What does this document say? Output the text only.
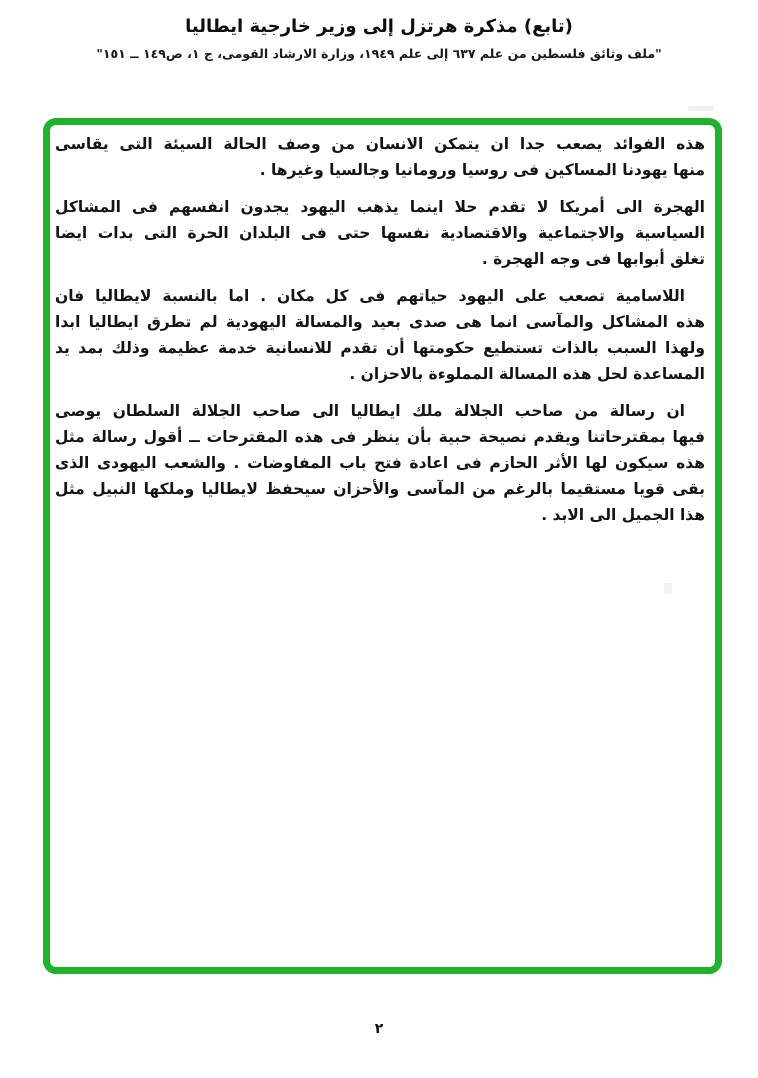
(تابع) مذكرة هرتزل إلى وزير خارجية ايطاليا
"ملف وثائق فلسطين من علم ٦٣٧ إلى علم ١٩٤٩، وزارة الارشاد القومى، ج ١، ص١٤٩ ــ ١٥١"
هذه الفوائد يصعب جدا ان يتمكن الانسان من وصف الحالة السيئة التى يقاسى
منها يهودنا المساكين فى روسيا ورومانيا وجالسيا وغيرها .
الهجرة الى أمريكا لا تقدم حلا اينما يذهب اليهود يجدون انفسهم فى المشاكل
السياسية والاجتماعية والاقتصادية نفسها حتى فى البلدان الحرة التى بدات ايضا
تغلق أبوابها فى وجه الهجرة .
اللاسامية تصعب على اليهود حياتهم فى كل مكان . اما بالنسبة لايطاليا فان
هذه المشاكل والمآسى انما هى صدى بعيد والمسالة اليهودية لم تطرق ايطاليا ابدا
ولهذا السبب بالذات تستطيع حكومتها أن تقدم للانسانية خدمة عظيمة وذلك بمد يد
المساعدة لحل هذه المسالة المملوءة بالاحزان .
ان رسالة من صاحب الجلالة ملك ايطاليا الى صاحب الجلالة السلطان يوصى
فيها بمقترحاتنا ويقدم نصيحة حبية بأن ينظر فى هذه المقترحات ــ أقول رسالة مثل
هذه سيكون لها الأثر الحازم فى اعادة فتح باب المفاوضات . والشعب اليهودى الذى
بقى قويا مستقيما بالرغم من المآسى والأحزان سيحفظ لايطاليا وملكها النبيل مثل
هذا الجميل الى الابد .
٢
